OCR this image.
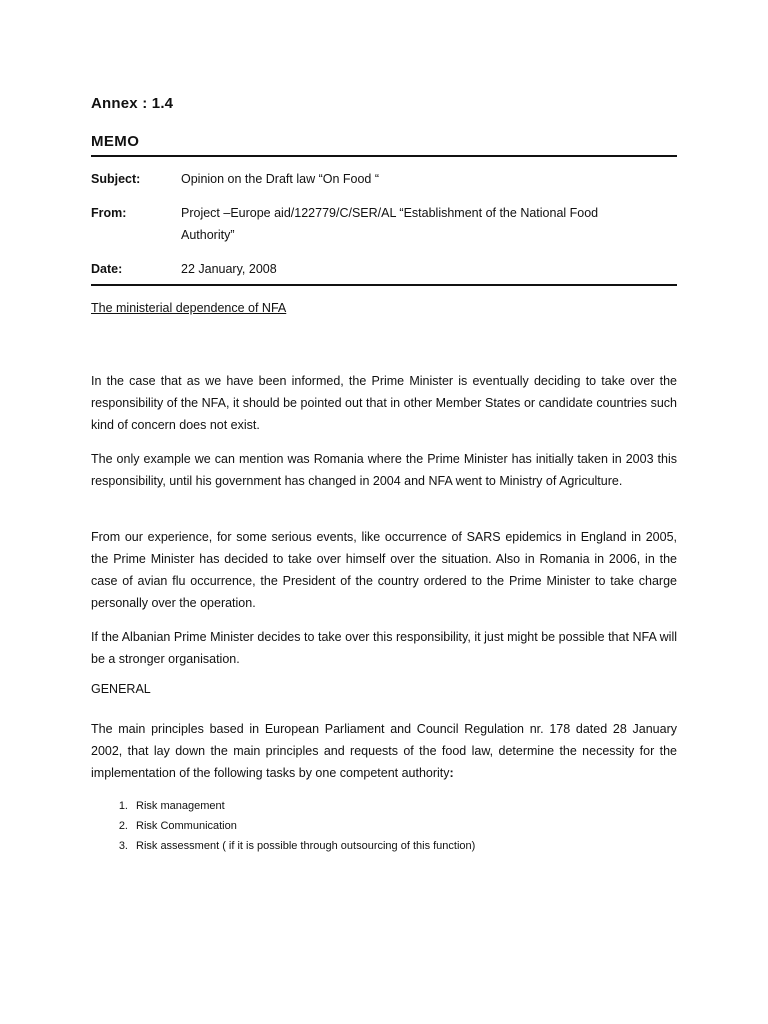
Annex : 1.4
MEMO
Subject:	Opinion on the Draft law “On Food “
From:	Project –Europe aid/122779/C/SER/AL “Establishment of the National Food Authority”
Date:	22 January, 2008
The ministerial dependence of NFA
In the case that as we have been informed, the Prime Minister is eventually deciding to take over the responsibility of the NFA, it should be pointed out that in other Member States or candidate countries such kind of concern does not exist.
The only example we can mention was Romania where the Prime Minister has initially taken in 2003 this responsibility, until his government has changed in 2004 and NFA went to Ministry of Agriculture.
From our experience, for some serious events, like occurrence of SARS epidemics in England in 2005, the Prime Minister has decided to take over himself over the situation. Also in Romania in 2006, in the case of avian flu occurrence, the President of the country ordered to the Prime Minister to take charge personally over the operation.
If the Albanian Prime Minister decides to take over this responsibility, it just might be possible that NFA will be a stronger organisation.
GENERAL
The main principles based in European Parliament and Council Regulation nr. 178 dated 28 January 2002, that lay down the main principles and requests of the food law, determine the necessity for the implementation of the following tasks by one competent authority:
1. Risk management
2. Risk Communication
3. Risk assessment ( if it is possible through outsourcing of this function)
